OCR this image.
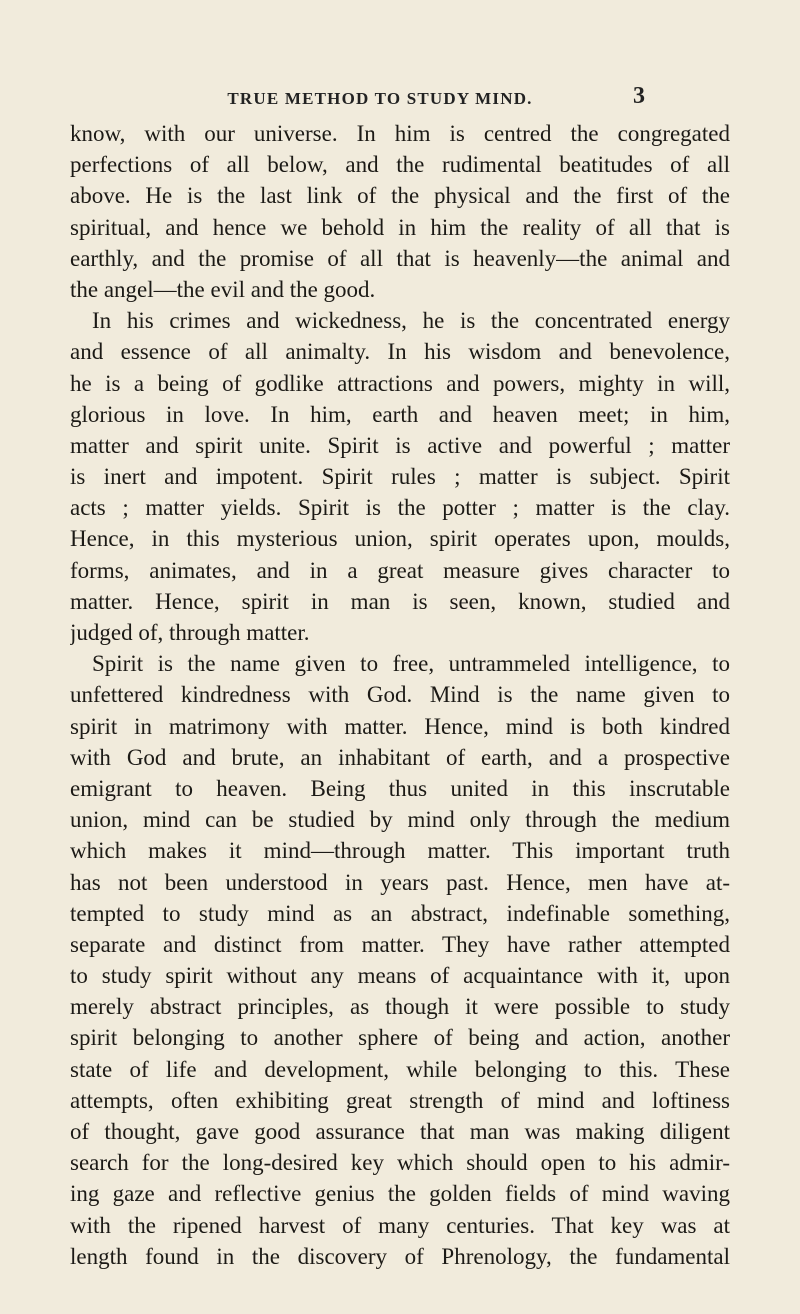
TRUE METHOD TO STUDY MIND.	3
know, with our universe. In him is centred the congregated
perfections of all below, and the rudimental beatitudes of all
above. He is the last link of the physical and the first of the
spiritual, and hence we behold in him the reality of all that is
earthly, and the promise of all that is heavenly—the animal and
the angel—the evil and the good.
In his crimes and wickedness, he is the concentrated energy
and essence of all animalty. In his wisdom and benevolence,
he is a being of godlike attractions and powers, mighty in will,
glorious in love. In him, earth and heaven meet; in him,
matter and spirit unite. Spirit is active and powerful ; matter
is inert and impotent. Spirit rules ; matter is subject. Spirit
acts ; matter yields. Spirit is the potter ; matter is the clay.
Hence, in this mysterious union, spirit operates upon, moulds,
forms, animates, and in a great measure gives character to
matter. Hence, spirit in man is seen, known, studied and
judged of, through matter.
Spirit is the name given to free, untrammeled intelligence, to
unfettered kindredness with God. Mind is the name given to
spirit in matrimony with matter. Hence, mind is both kindred
with God and brute, an inhabitant of earth, and a prospective
emigrant to heaven. Being thus united in this inscrutable
union, mind can be studied by mind only through the medium
which makes it mind—through matter. This important truth
has not been understood in years past. Hence, men have at-
tempted to study mind as an abstract, indefinable something,
separate and distinct from matter. They have rather attempted
to study spirit without any means of acquaintance with it, upon
merely abstract principles, as though it were possible to study
spirit belonging to another sphere of being and action, another
state of life and development, while belonging to this. These
attempts, often exhibiting great strength of mind and loftiness
of thought, gave good assurance that man was making diligent
search for the long-desired key which should open to his admir-
ing gaze and reflective genius the golden fields of mind waving
with the ripened harvest of many centuries. That key was at
length found in the discovery of Phrenology, the fundamental
